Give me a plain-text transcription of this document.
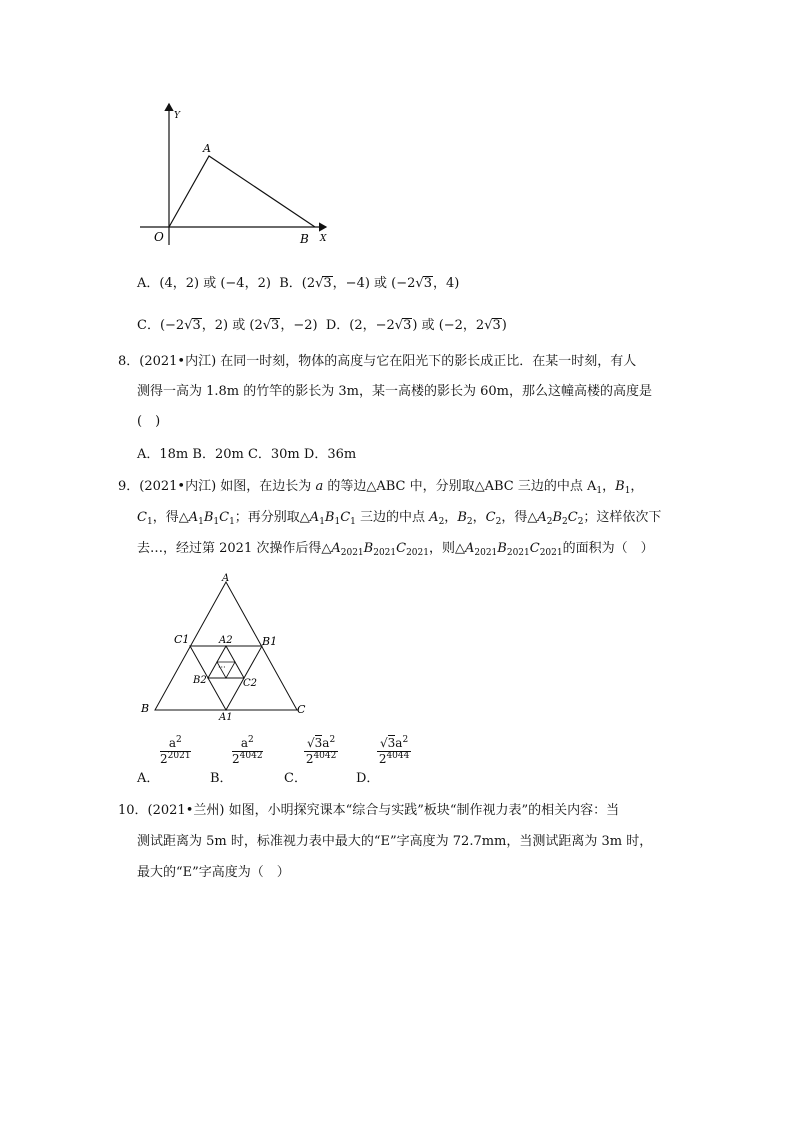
Y
A
O	B X
A．(4，2) 或 (−4，2) B．(2√3，−4) 或 (−2√3，4)
C．(−2√3，2) 或 (2√3，−2)  D．(2，−2√3) 或 (−2，2√3)
8．(2021•内江) 在同一时刻，物体的高度与它在阳光下的影长成正比．在某一时刻，有人
测得一高为 1.8m 的竹竿的影长为 3m，某一高楼的影长为 60m，那么这幢高楼的高度是
(　)
A．18m B．20m C．30m D．36m
9．(2021•内江) 如图，在边长为 a 的等边△ABC 中，分别取△ABC 三边的中点 $A_1$，$B_1$，
$C_1$，得$\triangle A_1B_1C_1$；再分别取$\triangle A_1B_1C_1$ 三边的中点 $A_2$，$B_2$，$C_2$，得$\triangle A_2B_2C_2$；这样依次下
去…，经过第 2021 次操作后得$\triangle A_{2021}B_{2021}C_{2021}$，则$\triangle A_{2021}B_{2021}C_{2021}$的面积为（　）
A
B	C
C1	B1
A1
A2
B2	C2
···
A．
$a^2$
$2^{2021}$
B．
$a^2$
$2^{4042}$
C．
$√3a^2$
$2^{4042}$
D．
$√3a^2$
$2^{4044}$
10．(2021•兰州) 如图，小明探究课本“综合与实践”板块“制作视力表”的相关内容：当
测试距离为 5m 时，标准视力表中最大的“E”字高度为 72.7mm，当测试距离为 3m 时，
最大的“E”字高度为（　）
